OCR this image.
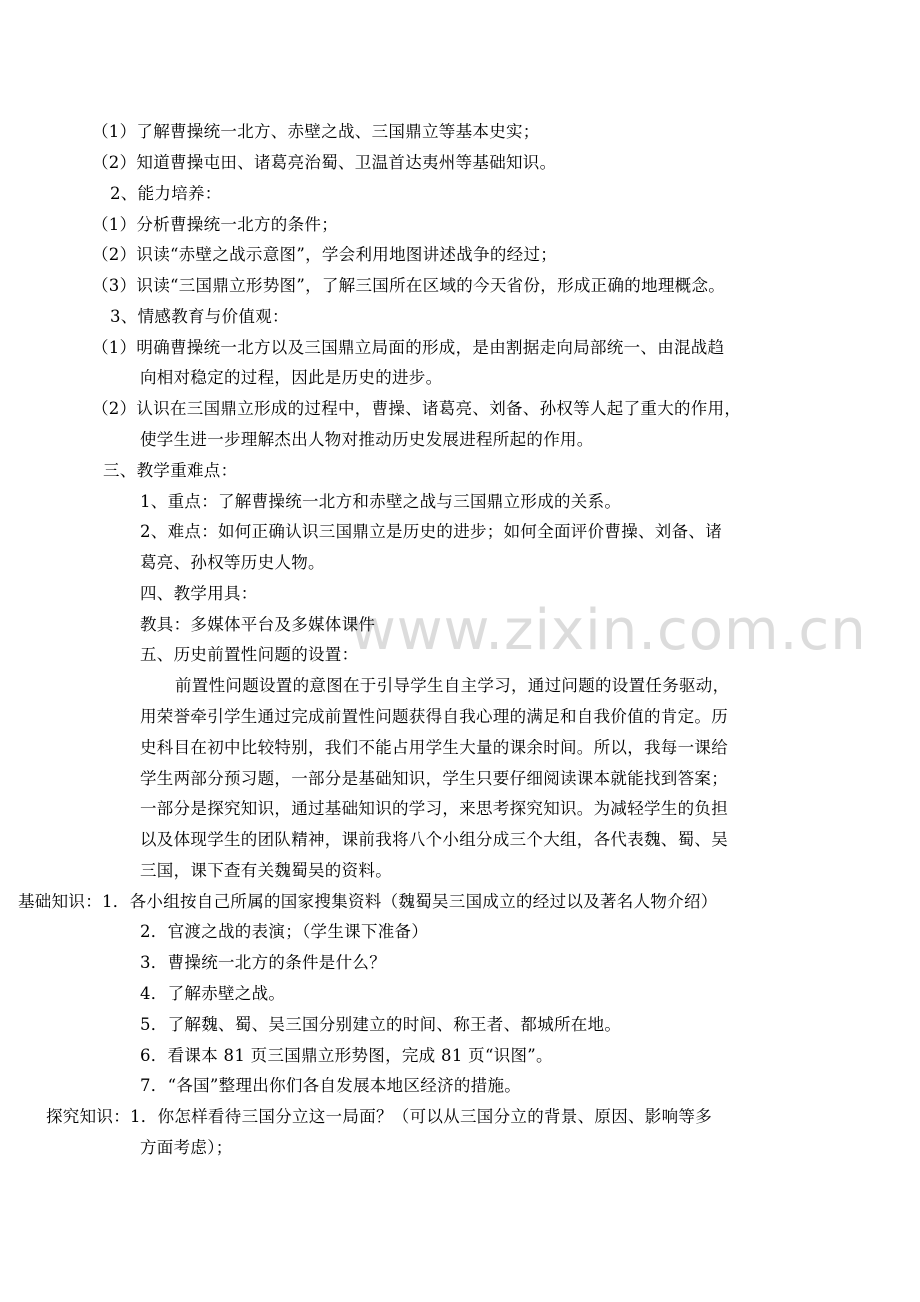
www.zixin.com.cn
（1）了解曹操统一北方、赤壁之战、三国鼎立等基本史实；
（2）知道曹操屯田、诸葛亮治蜀、卫温首达夷州等基础知识。
2、能力培养：
（1）分析曹操统一北方的条件；
（2）识读“赤壁之战示意图”，学会利用地图讲述战争的经过；
（3）识读“三国鼎立形势图”，了解三国所在区域的今天省份，形成正确的地理概念。
3、情感教育与价值观：
（1）明确曹操统一北方以及三国鼎立局面的形成，是由割据走向局部统一、由混战趋
向相对稳定的过程，因此是历史的进步。
（2）认识在三国鼎立形成的过程中，曹操、诸葛亮、刘备、孙权等人起了重大的作用，
使学生进一步理解杰出人物对推动历史发展进程所起的作用。
三、教学重难点：
1、重点：了解曹操统一北方和赤壁之战与三国鼎立形成的关系。
2、难点：如何正确认识三国鼎立是历史的进步；如何全面评价曹操、刘备、诸
葛亮、孙权等历史人物。
四、教学用具：
教具：多媒体平台及多媒体课件
五、历史前置性问题的设置：
前置性问题设置的意图在于引导学生自主学习，通过问题的设置任务驱动，
用荣誉牵引学生通过完成前置性问题获得自我心理的满足和自我价值的肯定。历
史科目在初中比较特别，我们不能占用学生大量的课余时间。所以，我每一课给
学生两部分预习题，一部分是基础知识，学生只要仔细阅读课本就能找到答案；
一部分是探究知识，通过基础知识的学习，来思考探究知识。为减轻学生的负担
以及体现学生的团队精神，课前我将八个小组分成三个大组，各代表魏、蜀、吴
三国，课下查有关魏蜀吴的资料。
基础知识：1．各小组按自己所属的国家搜集资料（魏蜀吴三国成立的经过以及著名人物介绍）
2．官渡之战的表演；（学生课下准备）
3．曹操统一北方的条件是什么？
4．了解赤壁之战。
5．了解魏、蜀、吴三国分别建立的时间、称王者、都城所在地。
6．看课本 81 页三国鼎立形势图，完成 81 页“识图”。
7．“各国”整理出你们各自发展本地区经济的措施。
探究知识：1．你怎样看待三国分立这一局面？（可以从三国分立的背景、原因、影响等多
方面考虑）；
